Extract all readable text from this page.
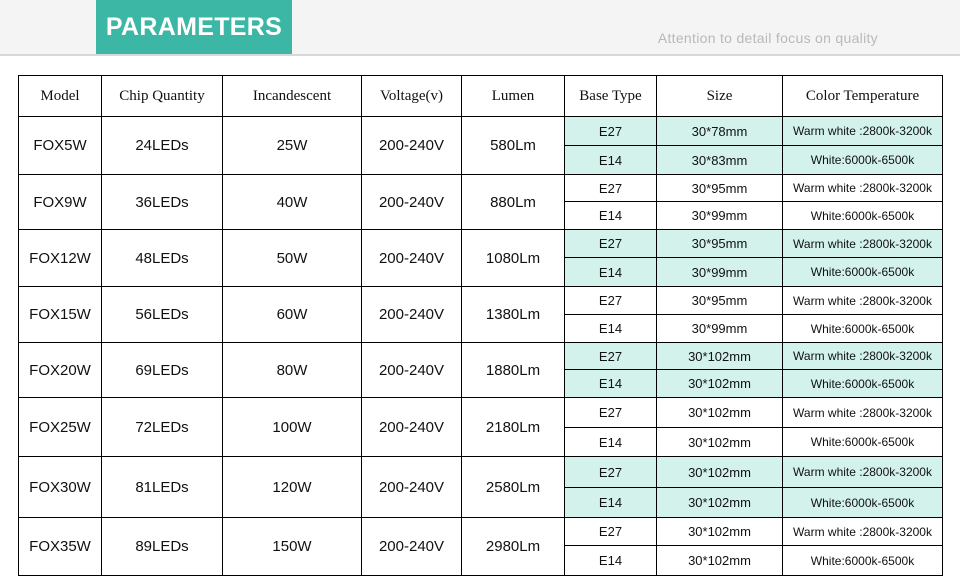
PARAMETERS	Attention to detail focus on quality
Model	Chip Quantity	Incandescent	Voltage(v)	Lumen	Base Type	Size	Color Temperature
FOX5W	24LEDs	25W	200-240V	580Lm	E27	30*78mm	Warm white :2800k-3200k
					E14	30*83mm	White:6000k-6500k
FOX9W	36LEDs	40W	200-240V	880Lm	E27	30*95mm	Warm white :2800k-3200k
					E14	30*99mm	White:6000k-6500k
FOX12W	48LEDs	50W	200-240V	1080Lm	E27	30*95mm	Warm white :2800k-3200k
					E14	30*99mm	White:6000k-6500k
FOX15W	56LEDs	60W	200-240V	1380Lm	E27	30*95mm	Warm white :2800k-3200k
					E14	30*99mm	White:6000k-6500k
FOX20W	69LEDs	80W	200-240V	1880Lm	E27	30*102mm	Warm white :2800k-3200k
					E14	30*102mm	White:6000k-6500k
FOX25W	72LEDs	100W	200-240V	2180Lm	E27	30*102mm	Warm white :2800k-3200k
					E14	30*102mm	White:6000k-6500k
FOX30W	81LEDs	120W	200-240V	2580Lm	E27	30*102mm	Warm white :2800k-3200k
					E14	30*102mm	White:6000k-6500k
FOX35W	89LEDs	150W	200-240V	2980Lm	E27	30*102mm	Warm white :2800k-3200k
					E14	30*102mm	White:6000k-6500k
